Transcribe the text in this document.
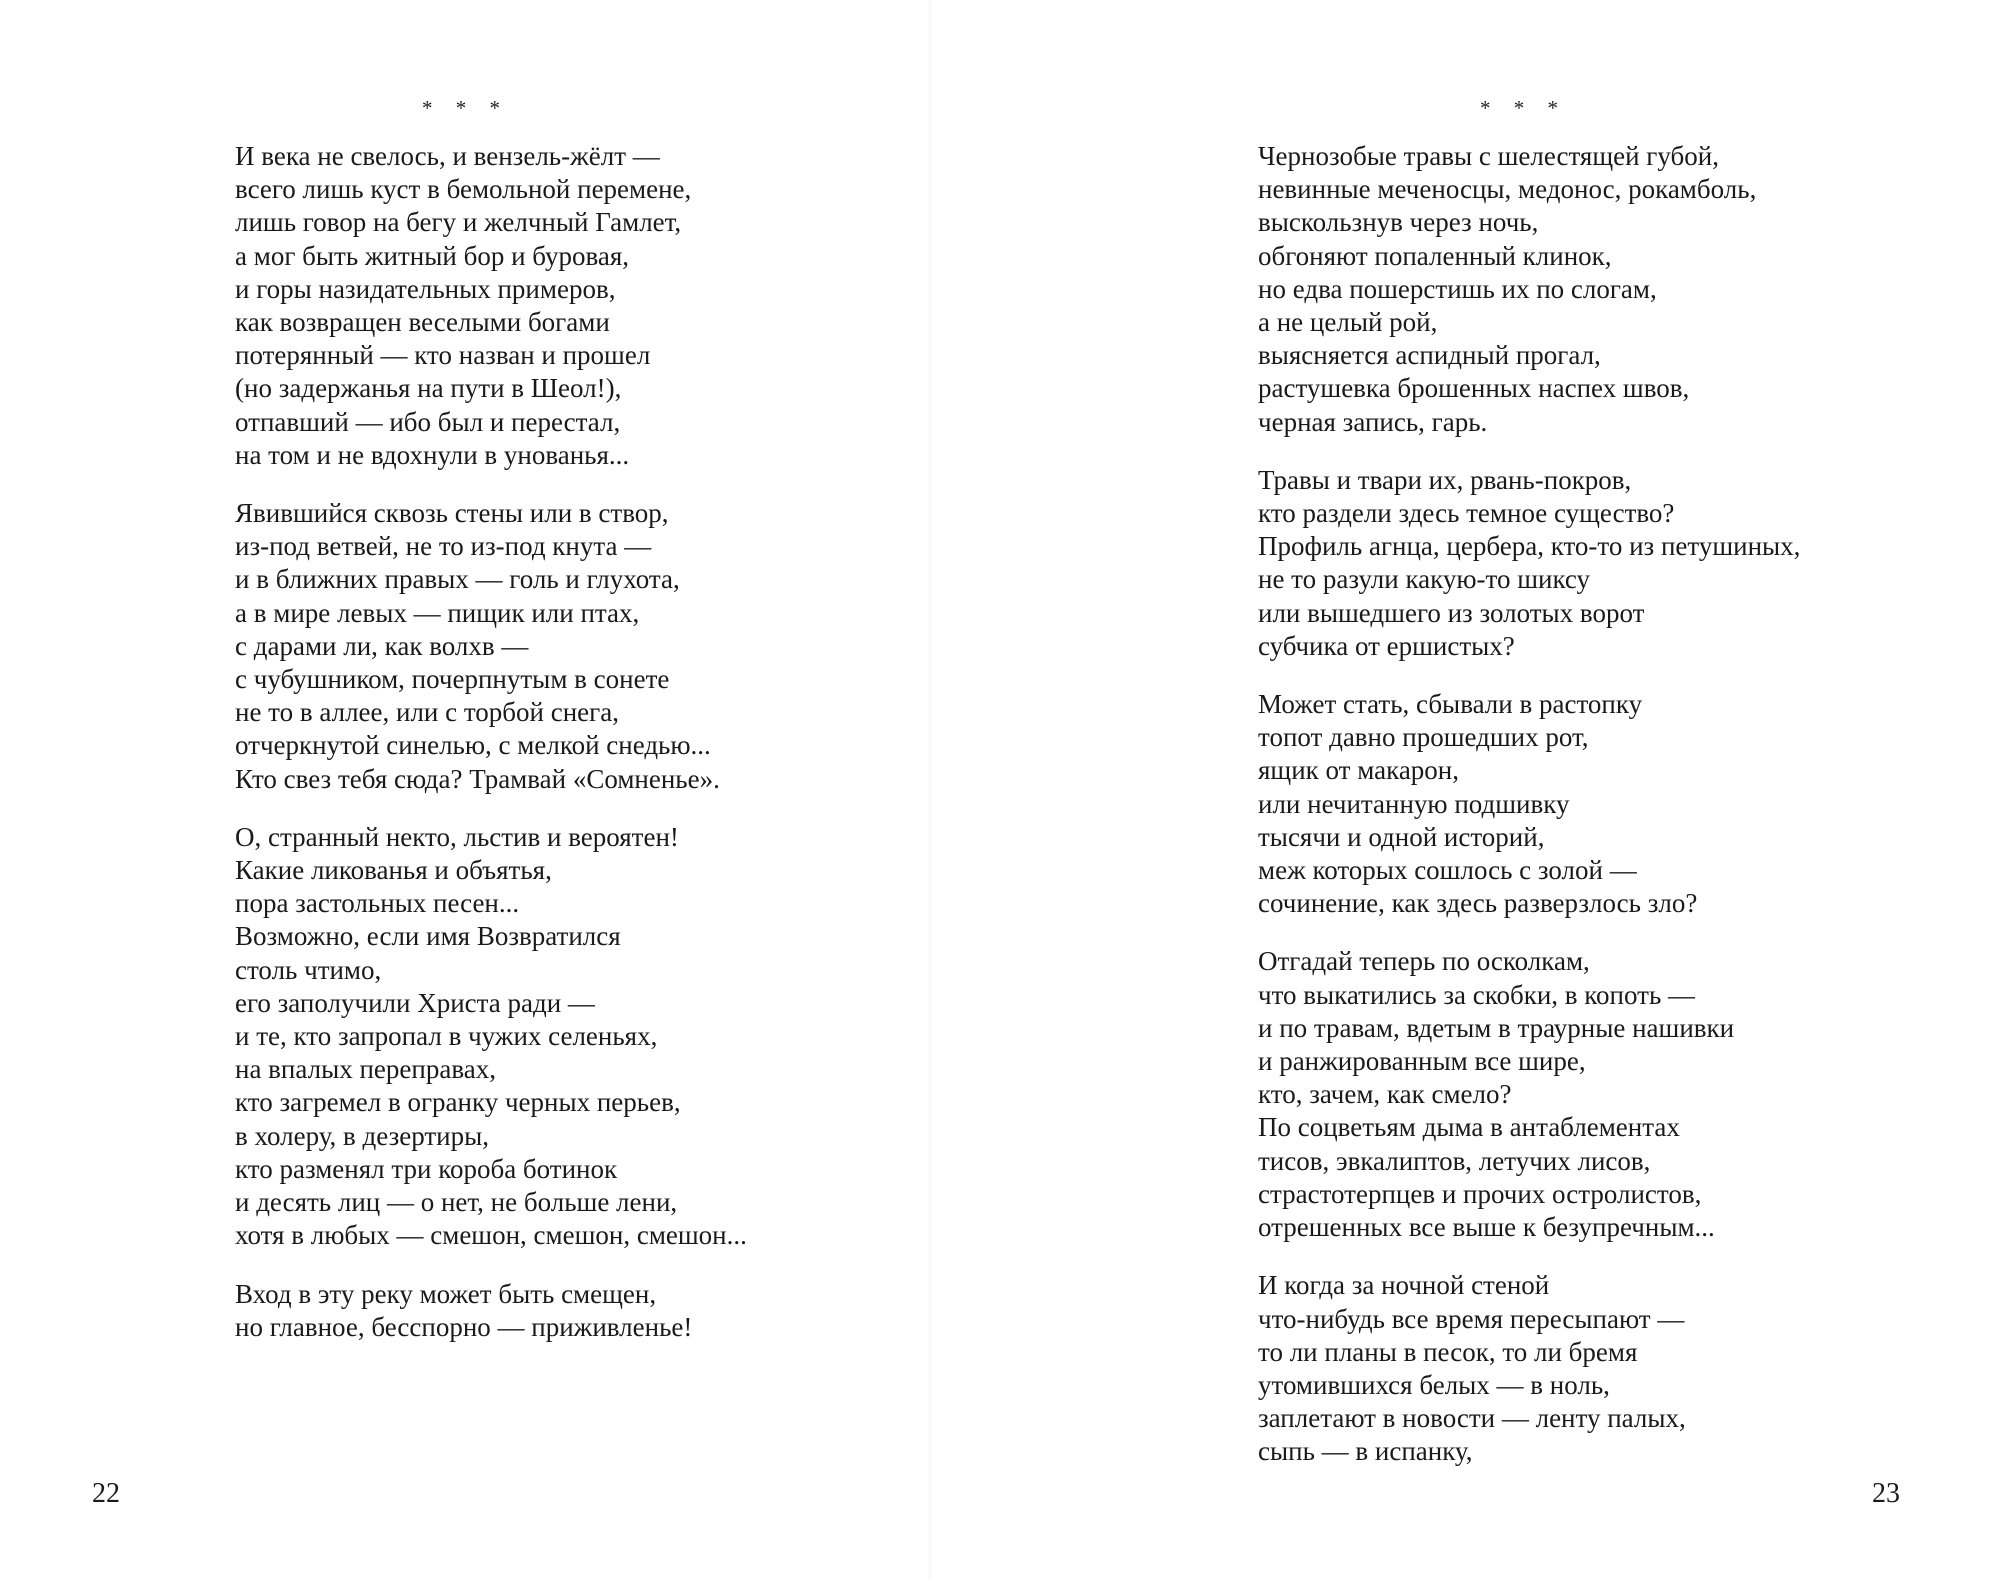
* * *
И века не свелось, и вензель-жёлт —
всего лишь куст в бемольной перемене,
лишь говор на бегу и желчный Гамлет,
а мог быть житный бор и буровая,
и горы назидательных примеров,
как возвращен веселыми богами
потерянный — кто назван и прошел
(но задержанья на пути в Шеол!),
отпавший — ибо был и перестал,
на том и не вдохнули в унованья...
Явившийся сквозь стены или в створ,
из-под ветвей, не то из-под кнута —
и в ближних правых — голь и глухота,
а в мире левых — пищик или птах,
с дарами ли, как волхв —
с чубушником, почерпнутым в сонете
не то в аллее, или с торбой снега,
отчеркнутой синелью, с мелкой снедью...
Кто свез тебя сюда? Трамвай «Сомненье».
О, странный некто, льстив и вероятен!
Какие ликованья и объятья,
пора застольных песен...
Возможно, если имя Возвратился
столь чтимо,
его заполучили Христа ради —
и те, кто запропал в чужих селеньях,
на впалых переправах,
кто загремел в огранку черных перьев,
в холеру, в дезертиры,
кто разменял три короба ботинок
и десять лиц — о нет, не больше лени,
хотя в любых — смешон, смешон, смешон...
Вход в эту реку может быть смещен,
но главное, бесспорно — приживленье!
22
* * *
Чернозобые травы с шелестящей губой,
невинные меченосцы, медонос, рокамболь,
выскользнув через ночь,
обгоняют попаленный клинок,
но едва пошерстишь их по слогам,
а не целый рой,
выясняется аспидный прогал,
растушевка брошенных наспех швов,
черная запись, гарь.
Травы и твари их, рвань-покров,
кто раздели здесь темное существо?
Профиль агнца, цербера, кто-то из петушиных,
не то разули какую-то шиксу
или вышедшего из золотых ворот
субчика от ершистых?
Может стать, сбывали в растопку
топот давно прошедших рот,
ящик от макарон,
или нечитанную подшивку
тысячи и одной историй,
меж которых сошлось с золой —
сочинение, как здесь разверзлось зло?
Отгадай теперь по осколкам,
что выкатились за скобки, в копоть —
и по травам, вдетым в траурные нашивки
и ранжированным все шире,
кто, зачем, как смело?
По соцветьям дыма в антаблементах
тисов, эвкалиптов, летучих лисов,
страстотерпцев и прочих остролистов,
отрешенных все выше к безупречным...
И когда за ночной стеной
что-нибудь все время пересыпают —
то ли планы в песок, то ли бремя
утомившихся белых — в ноль,
заплетают в новости — ленту палых,
сыпь — в испанку,
23
